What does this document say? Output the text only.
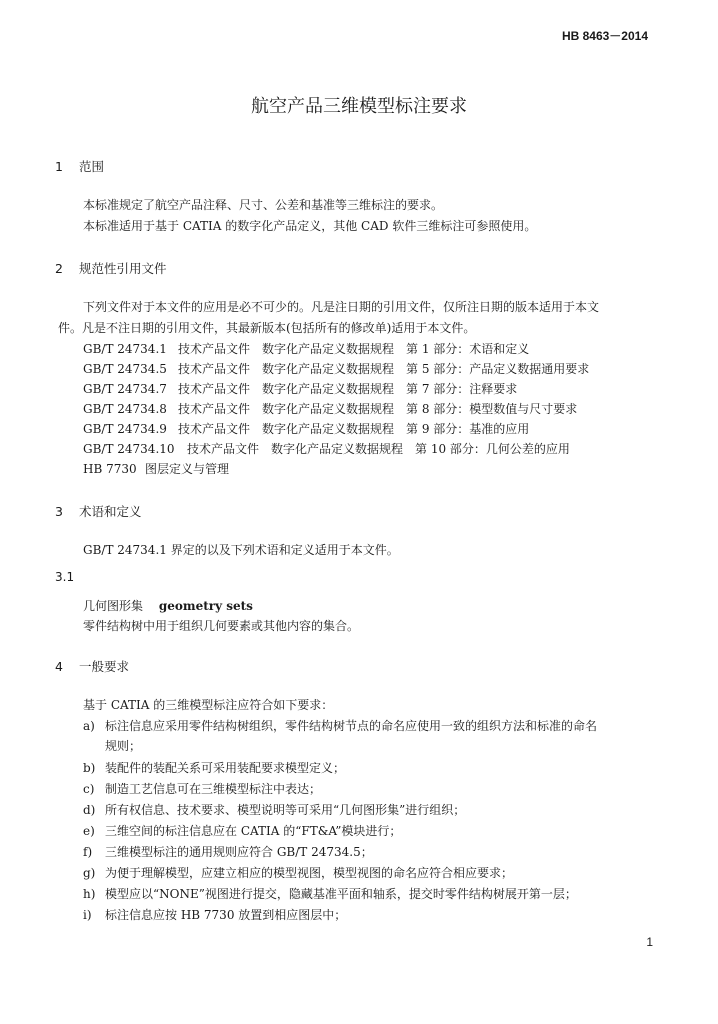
HB 8463－2014
航空产品三维模型标注要求
1 范围
本标准规定了航空产品注释、尺寸、公差和基准等三维标注的要求。
本标准适用于基于 CATIA 的数字化产品定义，其他 CAD 软件三维标注可参照使用。
2 规范性引用文件
下列文件对于本文件的应用是必不可少的。凡是注日期的引用文件，仅所注日期的版本适用于本文
件。凡是不注日期的引用文件，其最新版本(包括所有的修改单)适用于本文件。
GB/T 24734.1 技术产品文件　数字化产品定义数据规程　第 1 部分：术语和定义
GB/T 24734.5 技术产品文件　数字化产品定义数据规程　第 5 部分：产品定义数据通用要求
GB/T 24734.7 技术产品文件　数字化产品定义数据规程　第 7 部分：注释要求
GB/T 24734.8 技术产品文件　数字化产品定义数据规程　第 8 部分：模型数值与尺寸要求
GB/T 24734.9 技术产品文件　数字化产品定义数据规程　第 9 部分：基准的应用
GB/T 24734.10 技术产品文件　数字化产品定义数据规程　第 10 部分：几何公差的应用
HB 7730 图层定义与管理
3 术语和定义
GB/T 24734.1 界定的以及下列术语和定义适用于本文件。
3.1
几何图形集 geometry sets
零件结构树中用于组织几何要素或其他内容的集合。
4 一般要求
基于 CATIA 的三维模型标注应符合如下要求：
a) 标注信息应采用零件结构树组织，零件结构树节点的命名应使用一致的组织方法和标准的命名
规则；
b) 装配件的装配关系可采用装配要求模型定义；
c) 制造工艺信息可在三维模型标注中表达；
d) 所有权信息、技术要求、模型说明等可采用“几何图形集”进行组织；
e) 三维空间的标注信息应在 CATIA 的“FT&A”模块进行；
f) 三维模型标注的通用规则应符合 GB/T 24734.5；
g) 为便于理解模型，应建立相应的模型视图，模型视图的命名应符合相应要求；
h) 模型应以“NONE”视图进行提交，隐藏基准平面和轴系，提交时零件结构树展开第一层；
i) 标注信息应按 HB 7730 放置到相应图层中；
1
